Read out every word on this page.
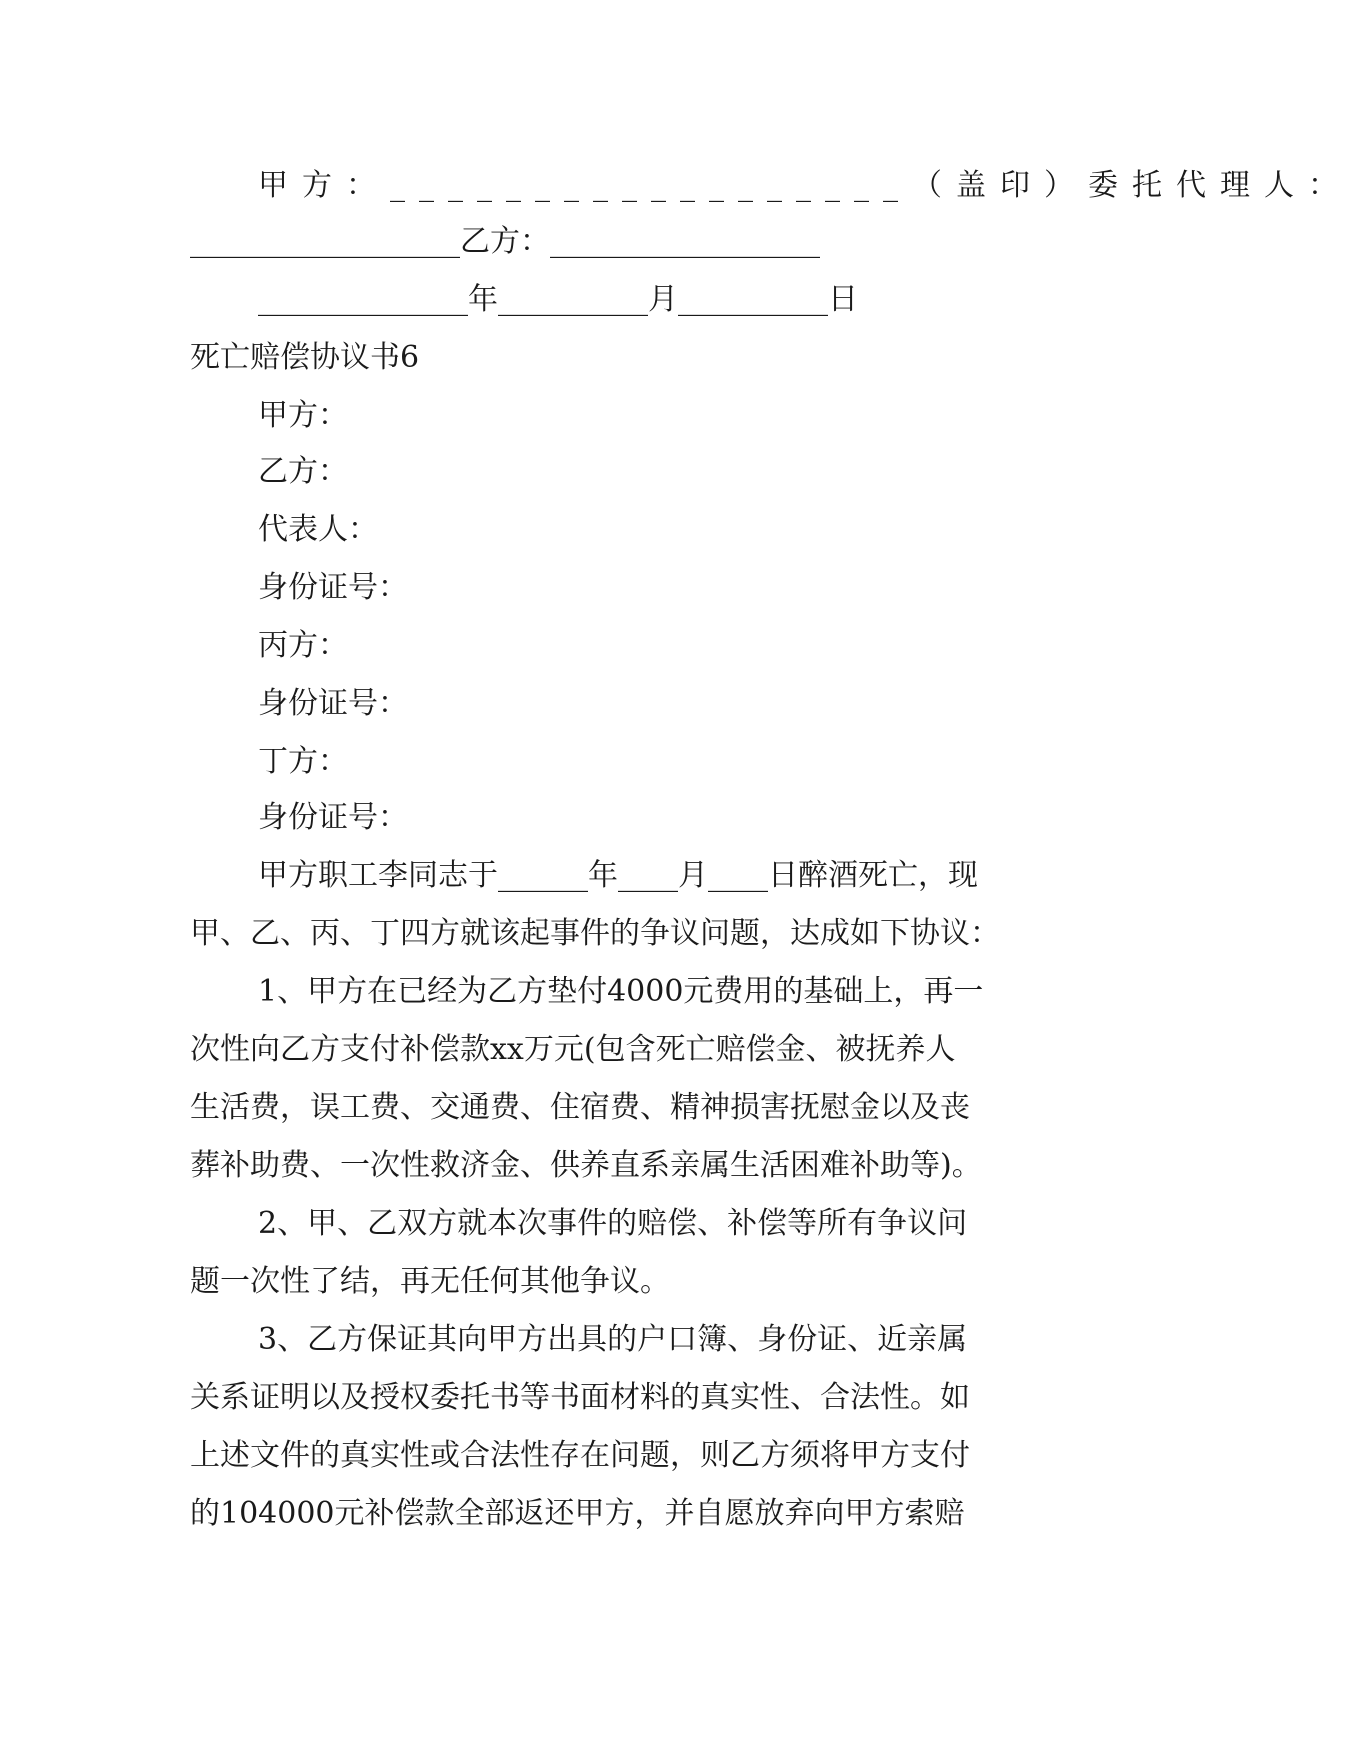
甲方：__________________（盖印）委托代理人：
__________________乙方：__________________
______________年__________月__________日
死亡赔偿协议书6
甲方：
乙方：
代表人：
身份证号：
丙方：
身份证号：
丁方：
身份证号：
甲方职工李同志于______年____月____日醉酒死亡，现
甲、乙、丙、丁四方就该起事件的争议问题，达成如下协议：
1、甲方在已经为乙方垫付4000元费用的基础上，再一
次性向乙方支付补偿款xx万元(包含死亡赔偿金、被抚养人
生活费，误工费、交通费、住宿费、精神损害抚慰金以及丧
葬补助费、一次性救济金、供养直系亲属生活困难补助等)。
2、甲、乙双方就本次事件的赔偿、补偿等所有争议问
题一次性了结，再无任何其他争议。
3、乙方保证其向甲方出具的户口簿、身份证、近亲属
关系证明以及授权委托书等书面材料的真实性、合法性。如
上述文件的真实性或合法性存在问题，则乙方须将甲方支付
的104000元补偿款全部返还甲方，并自愿放弃向甲方索赔
